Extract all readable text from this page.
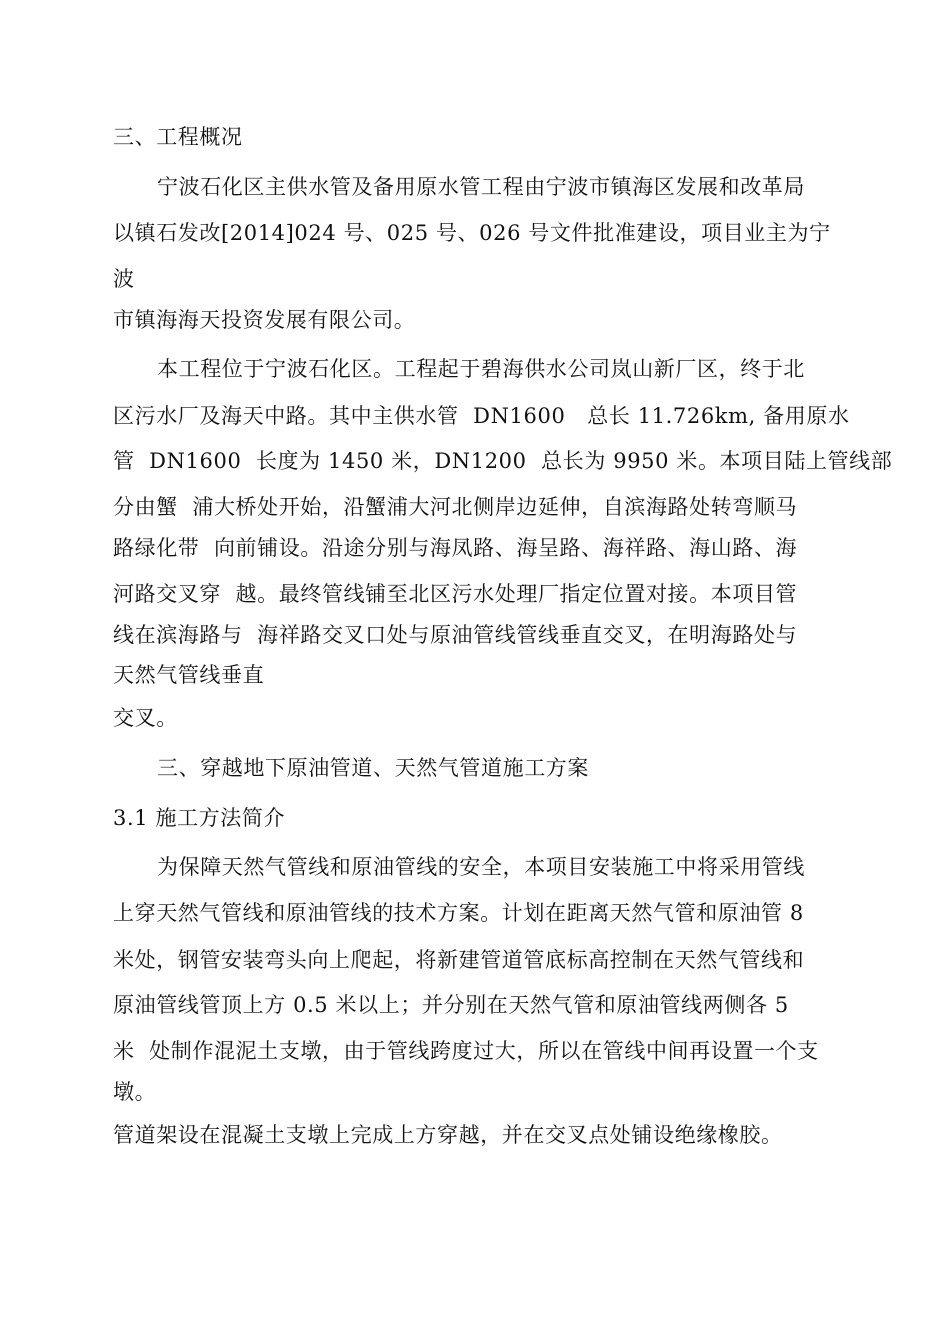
三、工程概况
宁波石化区主供水管及备用原水管工程由宁波市镇海区发展和改革局
以镇石发改[2014]024 号、025 号、026 号文件批准建设，项目业主为宁
波
市镇海海天投资发展有限公司。
本工程位于宁波石化区。工程起于碧海供水公司岚山新厂区，终于北
区污水厂及海天中路。其中主供水管  DN1600   总长 11.726km, 备用原水
管  DN1600  长度为 1450 米，DN1200  总长为 9950 米。本项目陆上管线部
分由蟹  浦大桥处开始，沿蟹浦大河北侧岸边延伸，自滨海路处转弯顺马
路绿化带  向前铺设。沿途分别与海凤路、海呈路、海祥路、海山路、海
河路交叉穿  越。最终管线铺至北区污水处理厂指定位置对接。本项目管
线在滨海路与  海祥路交叉口处与原油管线管线垂直交叉，在明海路处与
天然气管线垂直
交叉。
三、穿越地下原油管道、天然气管道施工方案
3.1 施工方法简介
为保障天然气管线和原油管线的安全，本项目安装施工中将采用管线
上穿天然气管线和原油管线的技术方案。计划在距离天然气管和原油管 8
米处，钢管安装弯头向上爬起，将新建管道管底标高控制在天然气管线和
原油管线管顶上方 0.5 米以上；并分别在天然气管和原油管线两侧各 5
米  处制作混泥土支墩，由于管线跨度过大，所以在管线中间再设置一个支
墩。
管道架设在混凝土支墩上完成上方穿越，并在交叉点处铺设绝缘橡胶。
